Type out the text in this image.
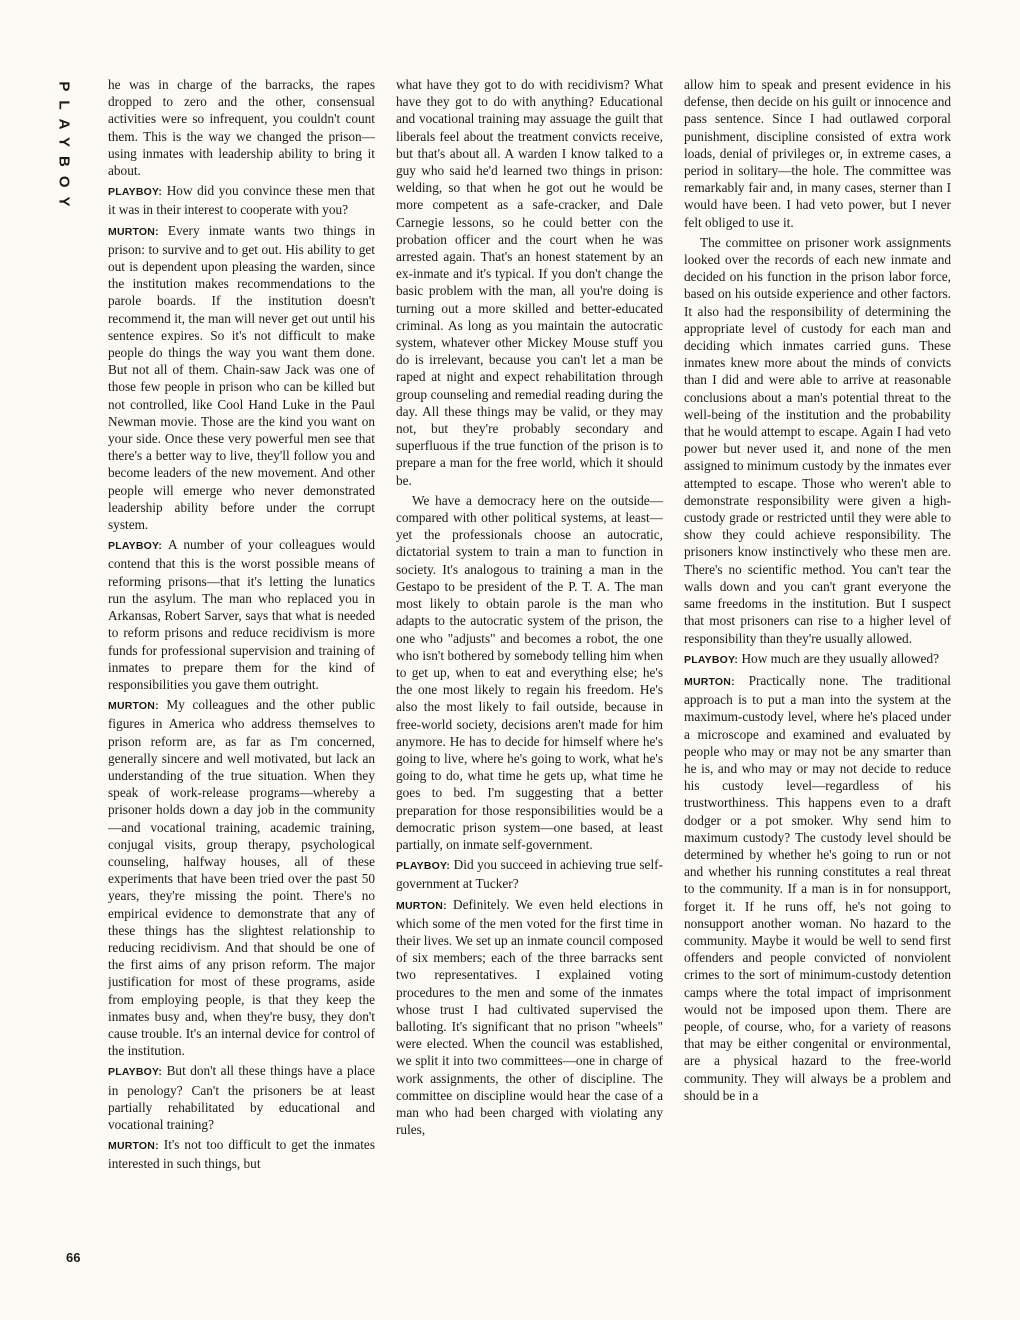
PLAYBOY
66

he was in charge of the barracks, the rapes dropped to zero and the other, consensual activities were so infrequent, you couldn't count them. This is the way we changed the prison—using inmates with leadership ability to bring it about.

PLAYBOY: How did you convince these men that it was in their interest to cooperate with you?

MURTON: Every inmate wants two things in prison: to survive and to get out. His ability to get out is dependent upon pleasing the warden, since the institution makes recommendations to the parole boards. If the institution doesn't recommend it, the man will never get out until his sentence expires. So it's not difficult to make people do things the way you want them done. But not all of them. Chain-saw Jack was one of those few people in prison who can be killed but not controlled, like Cool Hand Luke in the Paul Newman movie. Those are the kind you want on your side. Once these very powerful men see that there's a better way to live, they'll follow you and become leaders of the new movement. And other people will emerge who never demonstrated leadership ability before under the corrupt system.

PLAYBOY: A number of your colleagues would contend that this is the worst possible means of reforming prisons—that it's letting the lunatics run the asylum. The man who replaced you in Arkansas, Robert Sarver, says that what is needed to reform prisons and reduce recidivism is more funds for professional supervision and training of inmates to prepare them for the kind of responsibilities you gave them outright.

MURTON: My colleagues and the other public figures in America who address themselves to prison reform are, as far as I'm concerned, generally sincere and well motivated, but lack an understanding of the true situation. When they speak of work-release programs—whereby a prisoner holds down a day job in the community—and vocational training, academic training, conjugal visits, group therapy, psychological counseling, halfway houses, all of these experiments that have been tried over the past 50 years, they're missing the point. There's no empirical evidence to demonstrate that any of these things has the slightest relationship to reducing recidivism. And that should be one of the first aims of any prison reform. The major justification for most of these programs, aside from employing people, is that they keep the inmates busy and, when they're busy, they don't cause trouble. It's an internal device for control of the institution.

PLAYBOY: But don't all these things have a place in penology? Can't the prisoners be at least partially rehabilitated by educational and vocational training?

MURTON: It's not too difficult to get the inmates interested in such things, but

what have they got to do with recidivism? What have they got to do with anything? Educational and vocational training may assuage the guilt that liberals feel about the treatment convicts receive, but that's about all. A warden I know talked to a guy who said he'd learned two things in prison: welding, so that when he got out he would be more competent as a safe-cracker, and Dale Carnegie lessons, so he could better con the probation officer and the court when he was arrested again. That's an honest statement by an ex-inmate and it's typical. If you don't change the basic problem with the man, all you're doing is turning out a more skilled and better-educated criminal. As long as you maintain the autocratic system, whatever other Mickey Mouse stuff you do is irrelevant, because you can't let a man be raped at night and expect rehabilitation through group counseling and remedial reading during the day. All these things may be valid, or they may not, but they're probably secondary and superfluous if the true function of the prison is to prepare a man for the free world, which it should be.

We have a democracy here on the outside—compared with other political systems, at least—yet the professionals choose an autocratic, dictatorial system to train a man to function in society. It's analogous to training a man in the Gestapo to be president of the P. T. A. The man most likely to obtain parole is the man who adapts to the autocratic system of the prison, the one who "adjusts" and becomes a robot, the one who isn't bothered by somebody telling him when to get up, when to eat and everything else; he's the one most likely to regain his freedom. He's also the most likely to fail outside, because in free-world society, decisions aren't made for him anymore. He has to decide for himself where he's going to live, where he's going to work, what he's going to do, what time he gets up, what time he goes to bed. I'm suggesting that a better preparation for those responsibilities would be a democratic prison system—one based, at least partially, on inmate self-government.

PLAYBOY: Did you succeed in achieving true self-government at Tucker?

MURTON: Definitely. We even held elections in which some of the men voted for the first time in their lives. We set up an inmate council composed of six members; each of the three barracks sent two representatives. I explained voting procedures to the men and some of the inmates whose trust I had cultivated supervised the balloting. It's significant that no prison "wheels" were elected. When the council was established, we split it into two committees—one in charge of work assignments, the other of discipline. The committee on discipline would hear the case of a man who had been charged with violating any rules,

allow him to speak and present evidence in his defense, then decide on his guilt or innocence and pass sentence. Since I had outlawed corporal punishment, discipline consisted of extra work loads, denial of privileges or, in extreme cases, a period in solitary—the hole. The committee was remarkably fair and, in many cases, sterner than I would have been. I had veto power, but I never felt obliged to use it.

The committee on prisoner work assignments looked over the records of each new inmate and decided on his function in the prison labor force, based on his outside experience and other factors. It also had the responsibility of determining the appropriate level of custody for each man and deciding which inmates carried guns. These inmates knew more about the minds of convicts than I did and were able to arrive at reasonable conclusions about a man's potential threat to the well-being of the institution and the probability that he would attempt to escape. Again I had veto power but never used it, and none of the men assigned to minimum custody by the inmates ever attempted to escape. Those who weren't able to demonstrate responsibility were given a high-custody grade or restricted until they were able to show they could achieve responsibility. The prisoners know instinctively who these men are. There's no scientific method. You can't tear the walls down and you can't grant everyone the same freedoms in the institution. But I suspect that most prisoners can rise to a higher level of responsibility than they're usually allowed.

PLAYBOY: How much are they usually allowed?

MURTON: Practically none. The traditional approach is to put a man into the system at the maximum-custody level, where he's placed under a microscope and examined and evaluated by people who may or may not be any smarter than he is, and who may or may not decide to reduce his custody level—regardless of his trustworthiness. This happens even to a draft dodger or a pot smoker. Why send him to maximum custody? The custody level should be determined by whether he's going to run or not and whether his running constitutes a real threat to the community. If a man is in for nonsupport, forget it. If he runs off, he's not going to nonsupport another woman. No hazard to the community. Maybe it would be well to send first offenders and people convicted of nonviolent crimes to the sort of minimum-custody detention camps where the total impact of imprisonment would not be imposed upon them. There are people, of course, who, for a variety of reasons that may be either congenital or environmental, are a physical hazard to the free-world community. They will always be a problem and should be in a
